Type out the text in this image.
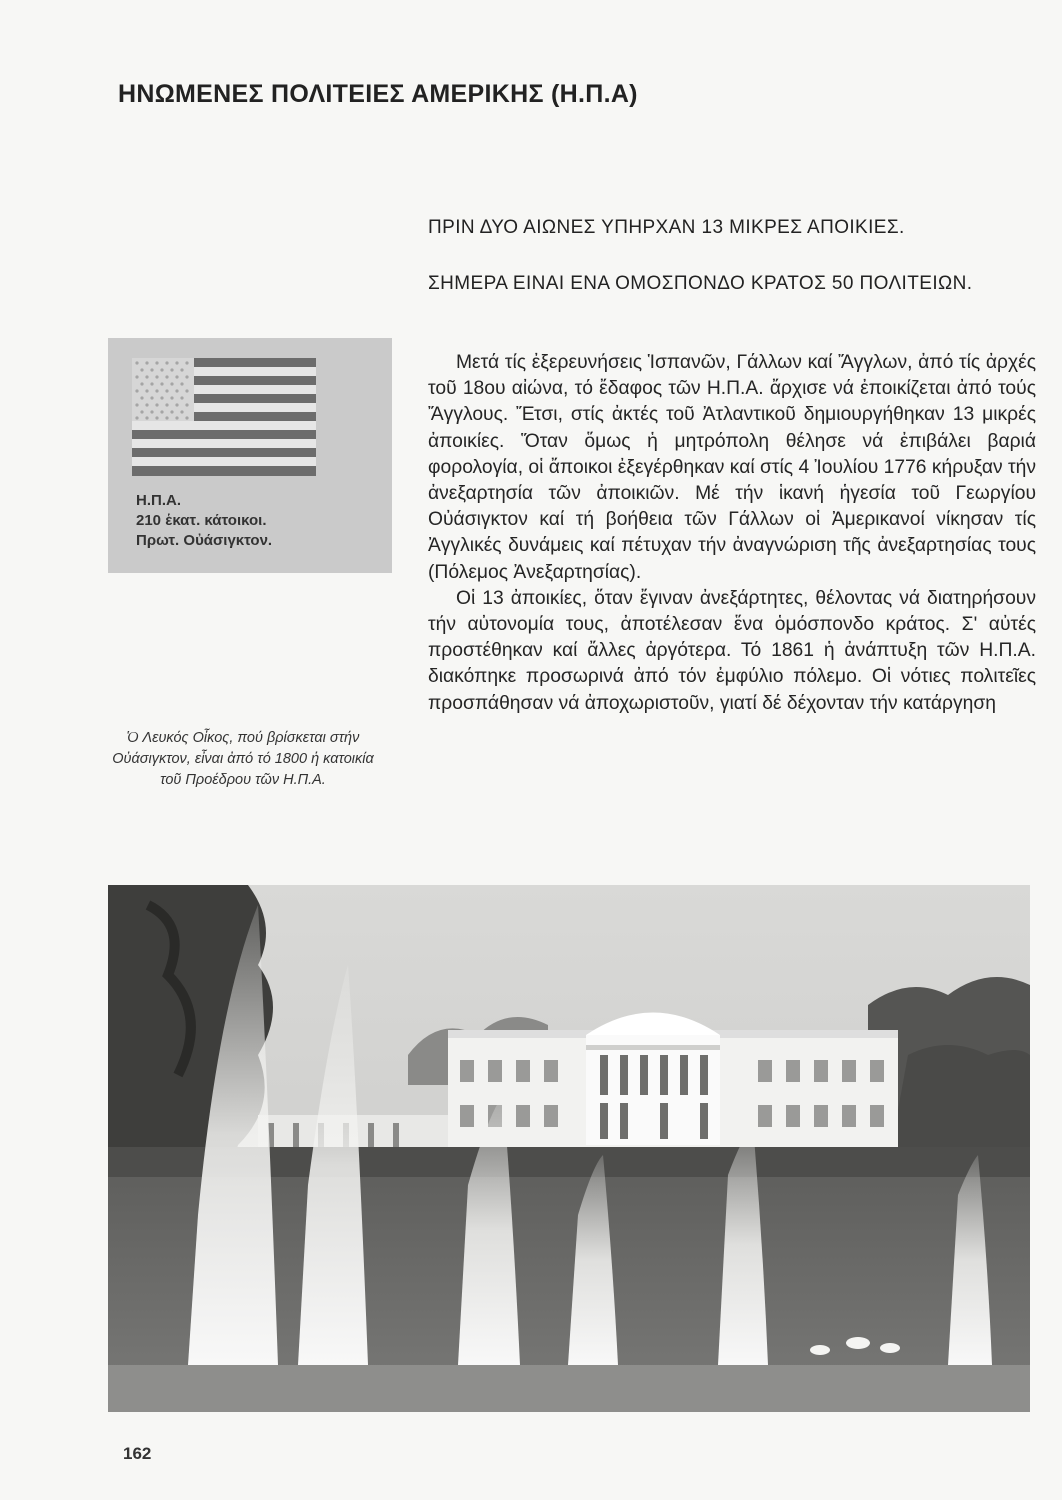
ΗΝΩΜΕΝΕΣ ΠΟΛΙΤΕΙΕΣ ΑΜΕΡΙΚΗΣ (Η.Π.Α)
ΠΡΙΝ ΔΥΟ ΑΙΩΝΕΣ ΥΠΗΡΧΑΝ 13 ΜΙΚΡΕΣ ΑΠΟΙΚΙΕΣ.
ΣΗΜΕΡΑ ΕΙΝΑΙ ΕΝΑ ΟΜΟΣΠΟΝΔΟ ΚΡΑΤΟΣ 50 ΠΟΛΙΤΕΙΩΝ.
Η.Π.Α.
210 ἑκατ. κάτοικοι.
Πρωτ. Οὐάσιγκτον.
Ὁ Λευκός Οἶκος, πού βρίσκεται στήν Οὐάσιγκτον, εἶναι ἀπό τό 1800 ἡ κατοικία τοῦ Προέδρου τῶν Η.Π.Α.

Μετά τίς ἐξερευνήσεις Ἱσπανῶν, Γάλλων καί Ἄγγλων, ἀπό τίς ἀρχές τοῦ 18ου αἰώνα, τό ἔδαφος τῶν Η.Π.Α. ἄρχισε νά ἐποικίζεται ἀπό τούς Ἄγγλους. Ἔτσι, στίς ἀκτές τοῦ Ἀτλαντικοῦ δημιουργήθηκαν 13 μικρές ἀποικίες. Ὅταν ὅμως ἡ μητρόπολη θέλησε νά ἐπιβάλει βαριά φορολογία, οἱ ἄποικοι ἐξεγέρθηκαν καί στίς 4 Ἰουλίου 1776 κήρυξαν τήν ἀνεξαρτησία τῶν ἀποικιῶν. Μέ τήν ἱκανή ἡγεσία τοῦ Γεωργίου Οὐάσιγκτον καί τή βοήθεια τῶν Γάλλων οἱ Ἀμερικανοί νίκησαν τίς Ἀγγλικές δυνάμεις καί πέτυχαν τήν ἀναγνώριση τῆς ἀνεξαρτησίας τους (Πόλεμος Ἀνεξαρτησίας).

Οἱ 13 ἀποικίες, ὅταν ἔγιναν ἀνεξάρτητες, θέλοντας νά διατηρήσουν τήν αὐτονομία τους, ἀποτέλεσαν ἕνα ὁμόσπονδο κράτος. Σ' αὐτές προστέθηκαν καί ἄλλες ἀργότερα. Τό 1861 ἡ ἀνάπτυξη τῶν Η.Π.Α. διακόπηκε προσωρινά ἀπό τόν ἐμφύλιο πόλεμο. Οἱ νότιες πολιτεῖες προσπάθησαν νά ἀποχωριστοῦν, γιατί δέ δέχονταν τήν κατάργηση

162
